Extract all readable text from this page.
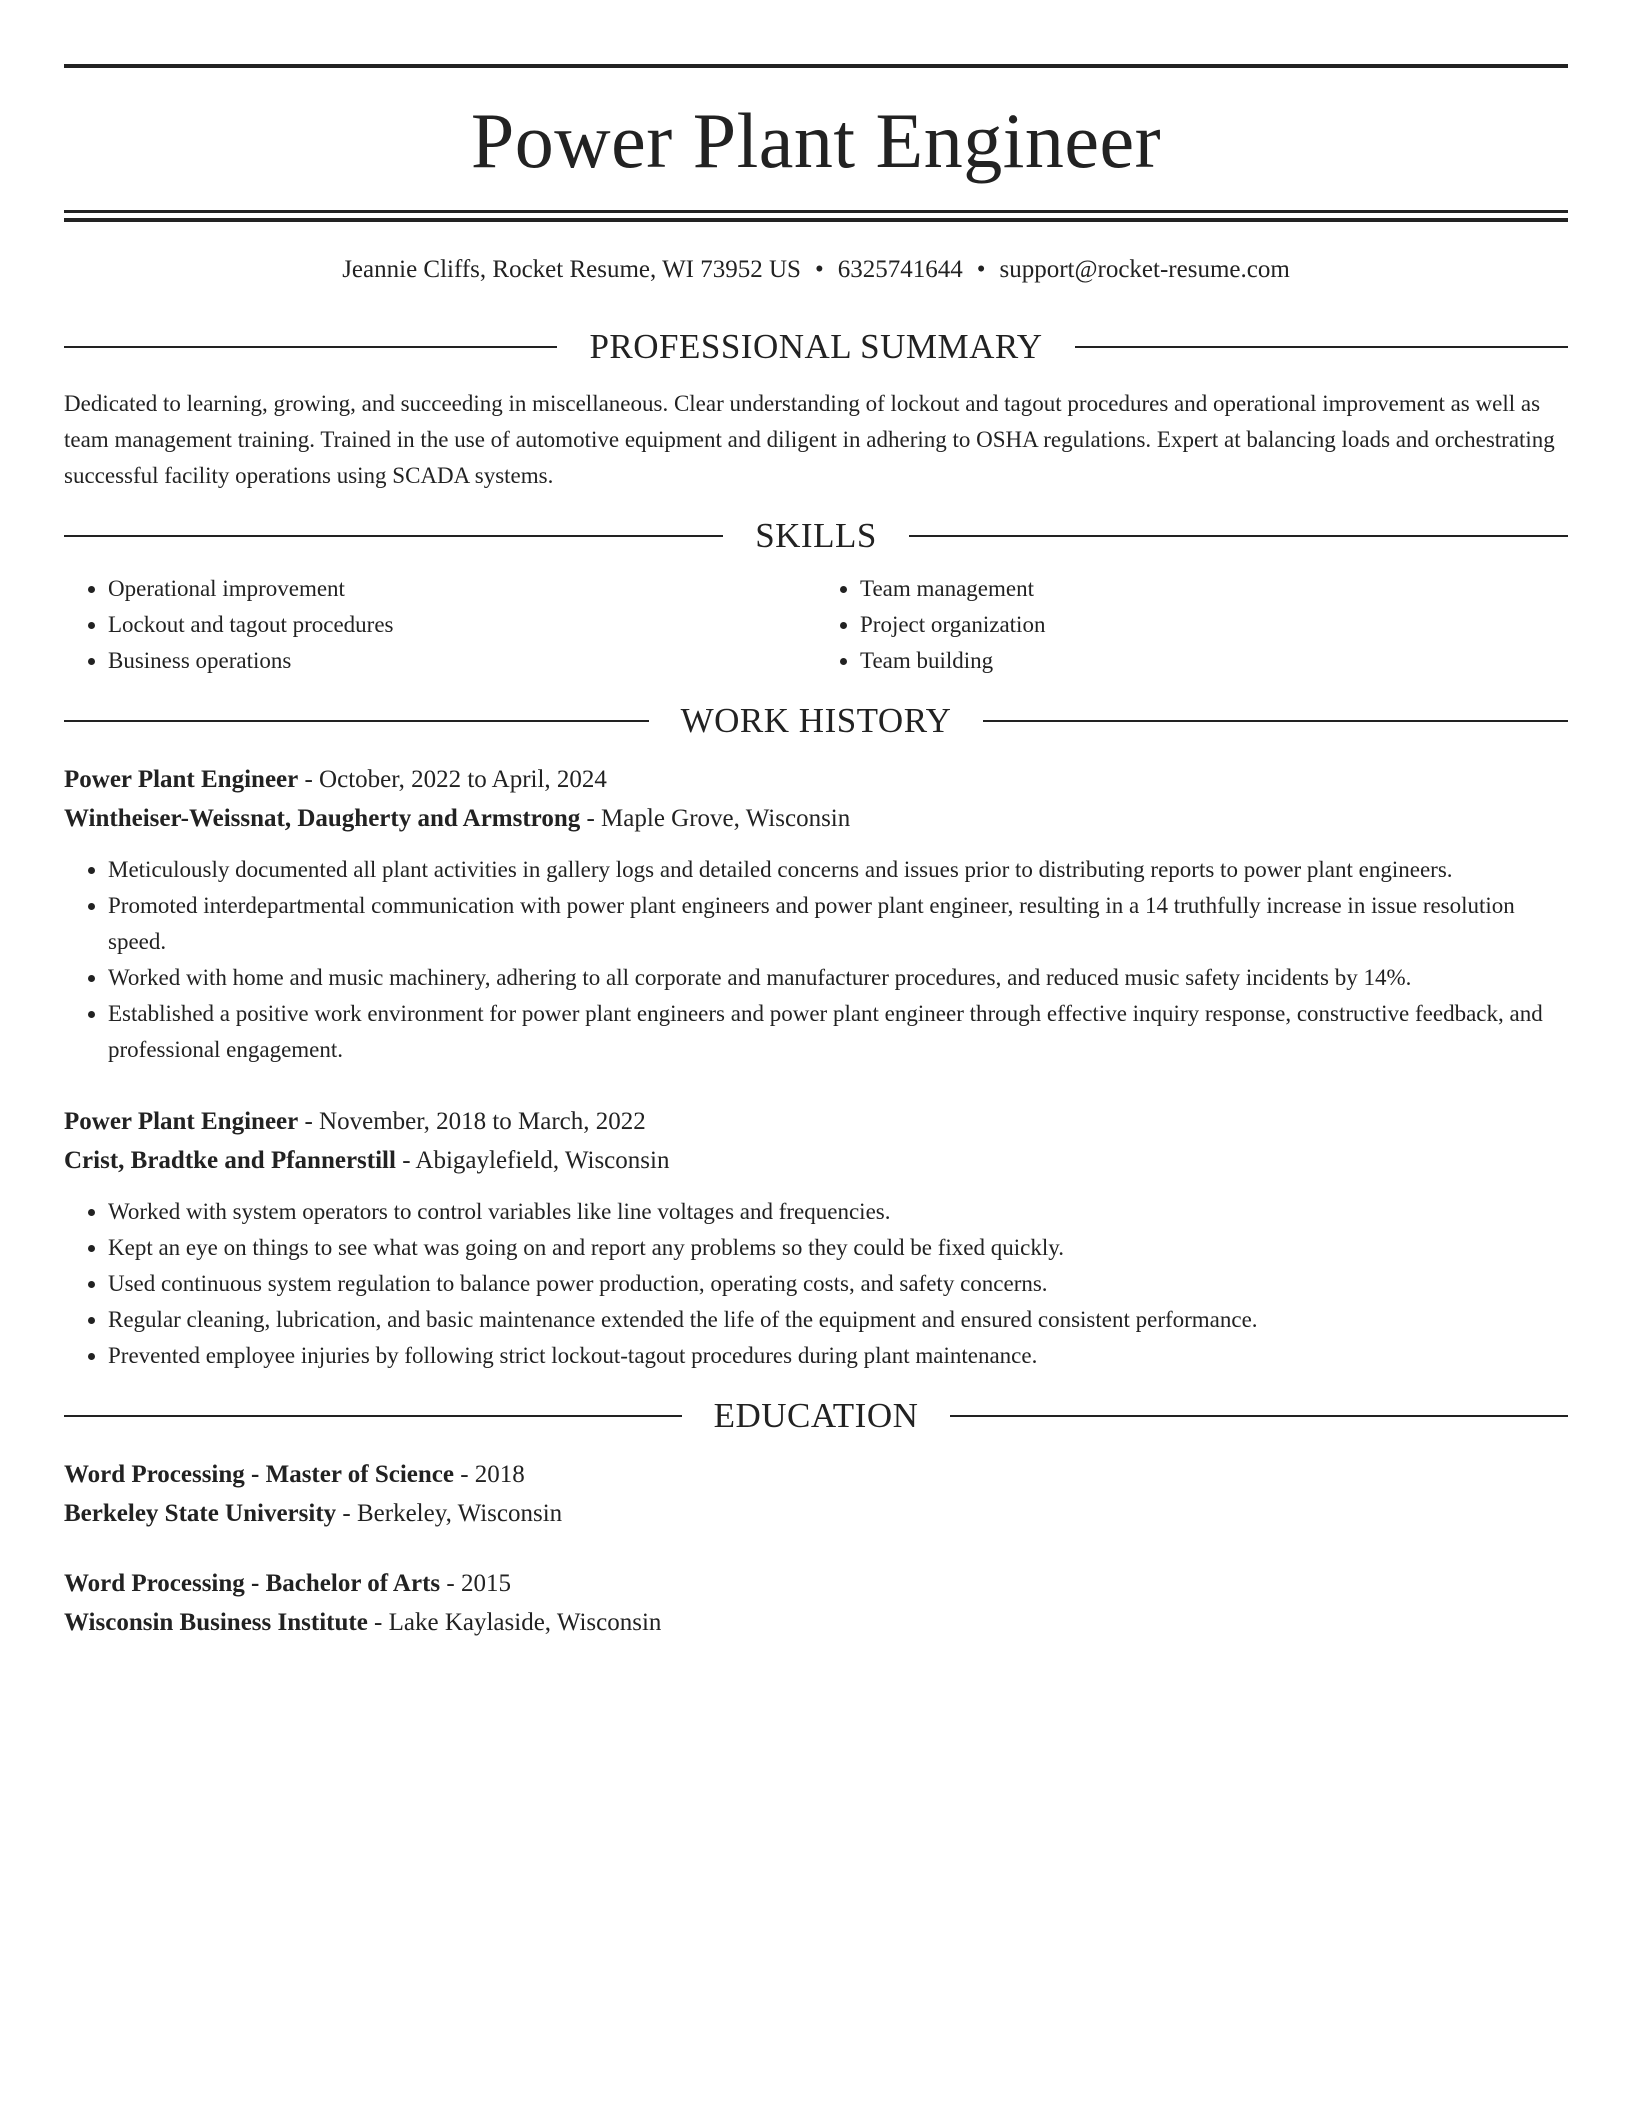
Power Plant Engineer
Jeannie Cliffs, Rocket Resume, WI 73952 US • 6325741644 • support@rocket-resume.com
PROFESSIONAL SUMMARY

Dedicated to learning, growing, and succeeding in miscellaneous. Clear understanding of lockout and tagout procedures and operational improvement as well as team management training. Trained in the use of automotive equipment and diligent in adhering to OSHA regulations. Expert at balancing loads and orchestrating successful facility operations using SCADA systems.

SKILLS
• Operational improvement
• Lockout and tagout procedures
• Business operations
• Team management
• Project organization
• Team building
WORK HISTORY
Power Plant Engineer - October, 2022 to April, 2024
Wintheiser-Weissnat, Daugherty and Armstrong - Maple Grove, Wisconsin
• Meticulously documented all plant activities in gallery logs and detailed concerns and issues prior to distributing reports to power plant engineers.
• Promoted interdepartmental communication with power plant engineers and power plant engineer, resulting in a 14 truthfully increase in issue resolution speed.
• Worked with home and music machinery, adhering to all corporate and manufacturer procedures, and reduced music safety incidents by 14%.
• Established a positive work environment for power plant engineers and power plant engineer through effective inquiry response, constructive feedback, and professional engagement.
Power Plant Engineer - November, 2018 to March, 2022
Crist, Bradtke and Pfannerstill - Abigaylefield, Wisconsin
• Worked with system operators to control variables like line voltages and frequencies.
• Kept an eye on things to see what was going on and report any problems so they could be fixed quickly.
• Used continuous system regulation to balance power production, operating costs, and safety concerns.
• Regular cleaning, lubrication, and basic maintenance extended the life of the equipment and ensured consistent performance.
• Prevented employee injuries by following strict lockout-tagout procedures during plant maintenance.
EDUCATION
Word Processing - Master of Science - 2018
Berkeley State University - Berkeley, Wisconsin
Word Processing - Bachelor of Arts - 2015
Wisconsin Business Institute - Lake Kaylaside, Wisconsin
